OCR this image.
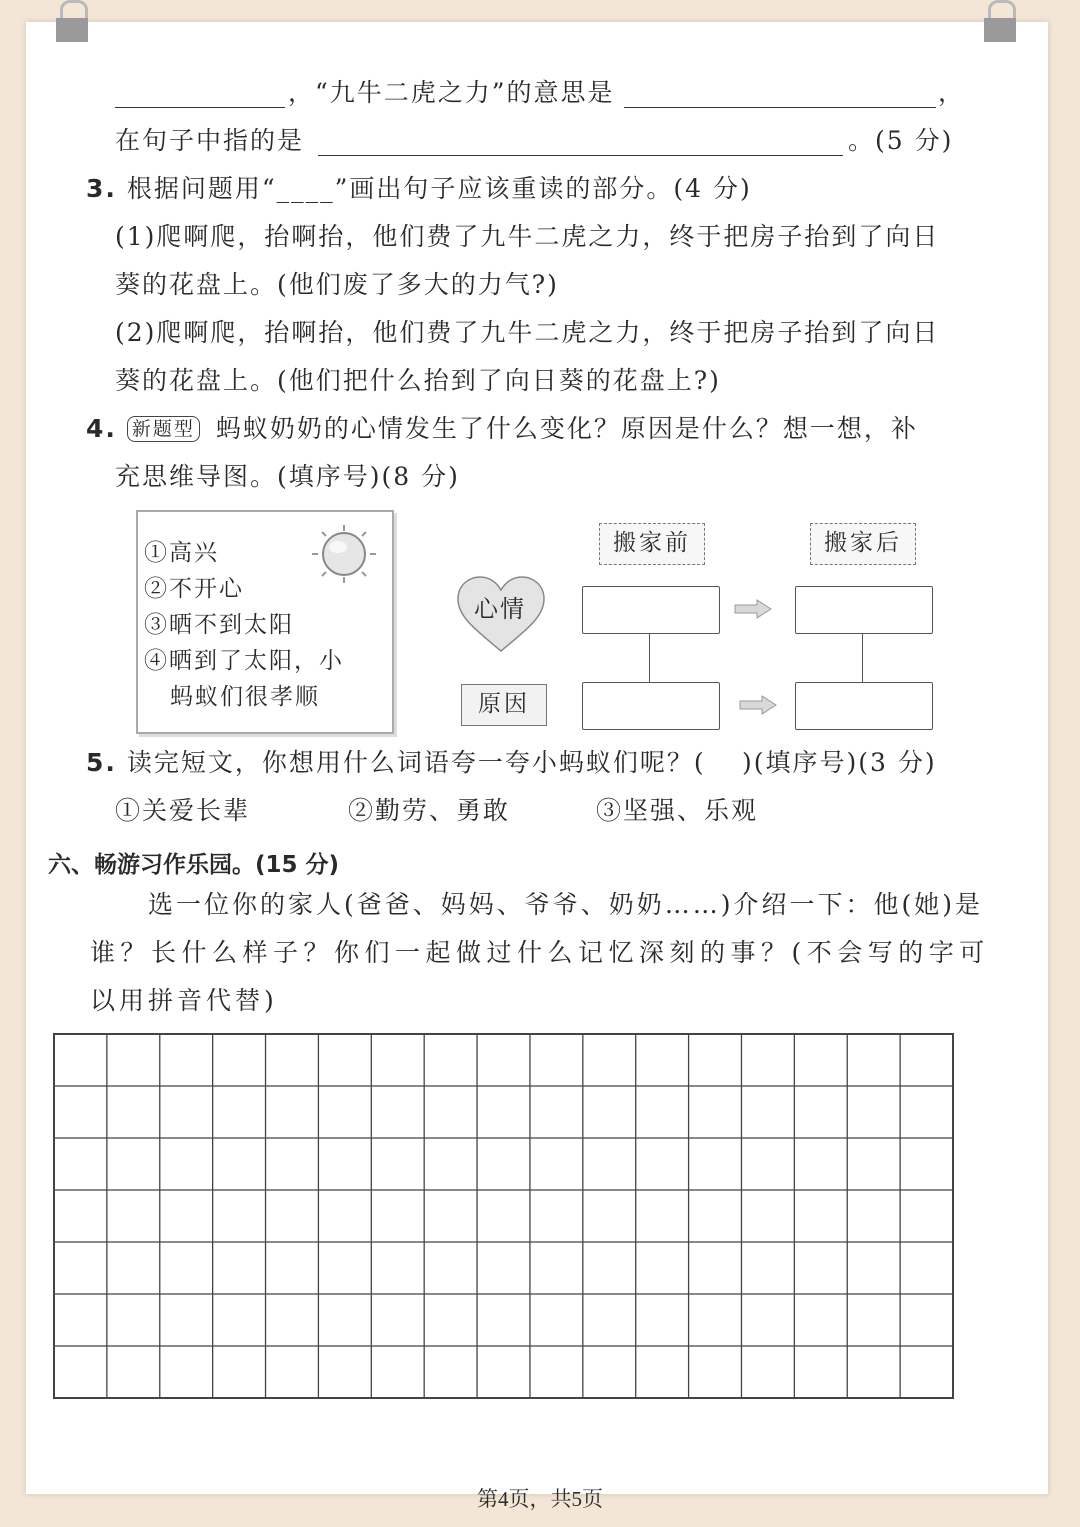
，“九牛二虎之力”的意思是	，
在句子中指的是	。(5 分)
3. 根据问题用“____”画出句子应该重读的部分。(4 分)
(1)爬啊爬，抬啊抬，他们费了九牛二虎之力，终于把房子抬到了向日
葵的花盘上。(他们废了多大的力气?)
(2)爬啊爬，抬啊抬，他们费了九牛二虎之力，终于把房子抬到了向日
葵的花盘上。(他们把什么抬到了向日葵的花盘上?)
4. 新题型 蚂蚁奶奶的心情发生了什么变化？原因是什么？想一想，补
充思维导图。(填序号)(8 分)
①高兴
②不开心
③晒不到太阳
④晒到了太阳，小
蚂蚁们很孝顺
心情
原因
搬家前	搬家后
5. 读完短文，你想用什么词语夸一夸小蚂蚁们呢？( )(填序号)(3 分)
①关爱长辈	②勤劳、勇敢	③坚强、乐观
六、畅游习作乐园。(15 分)
选一位你的家人(爸爸、妈妈、爷爷、奶奶……)介绍一下：他(她)是
谁？长什么样子？你们一起做过什么记忆深刻的事？(不会写的字可
以用拼音代替)
第4页，共5页
